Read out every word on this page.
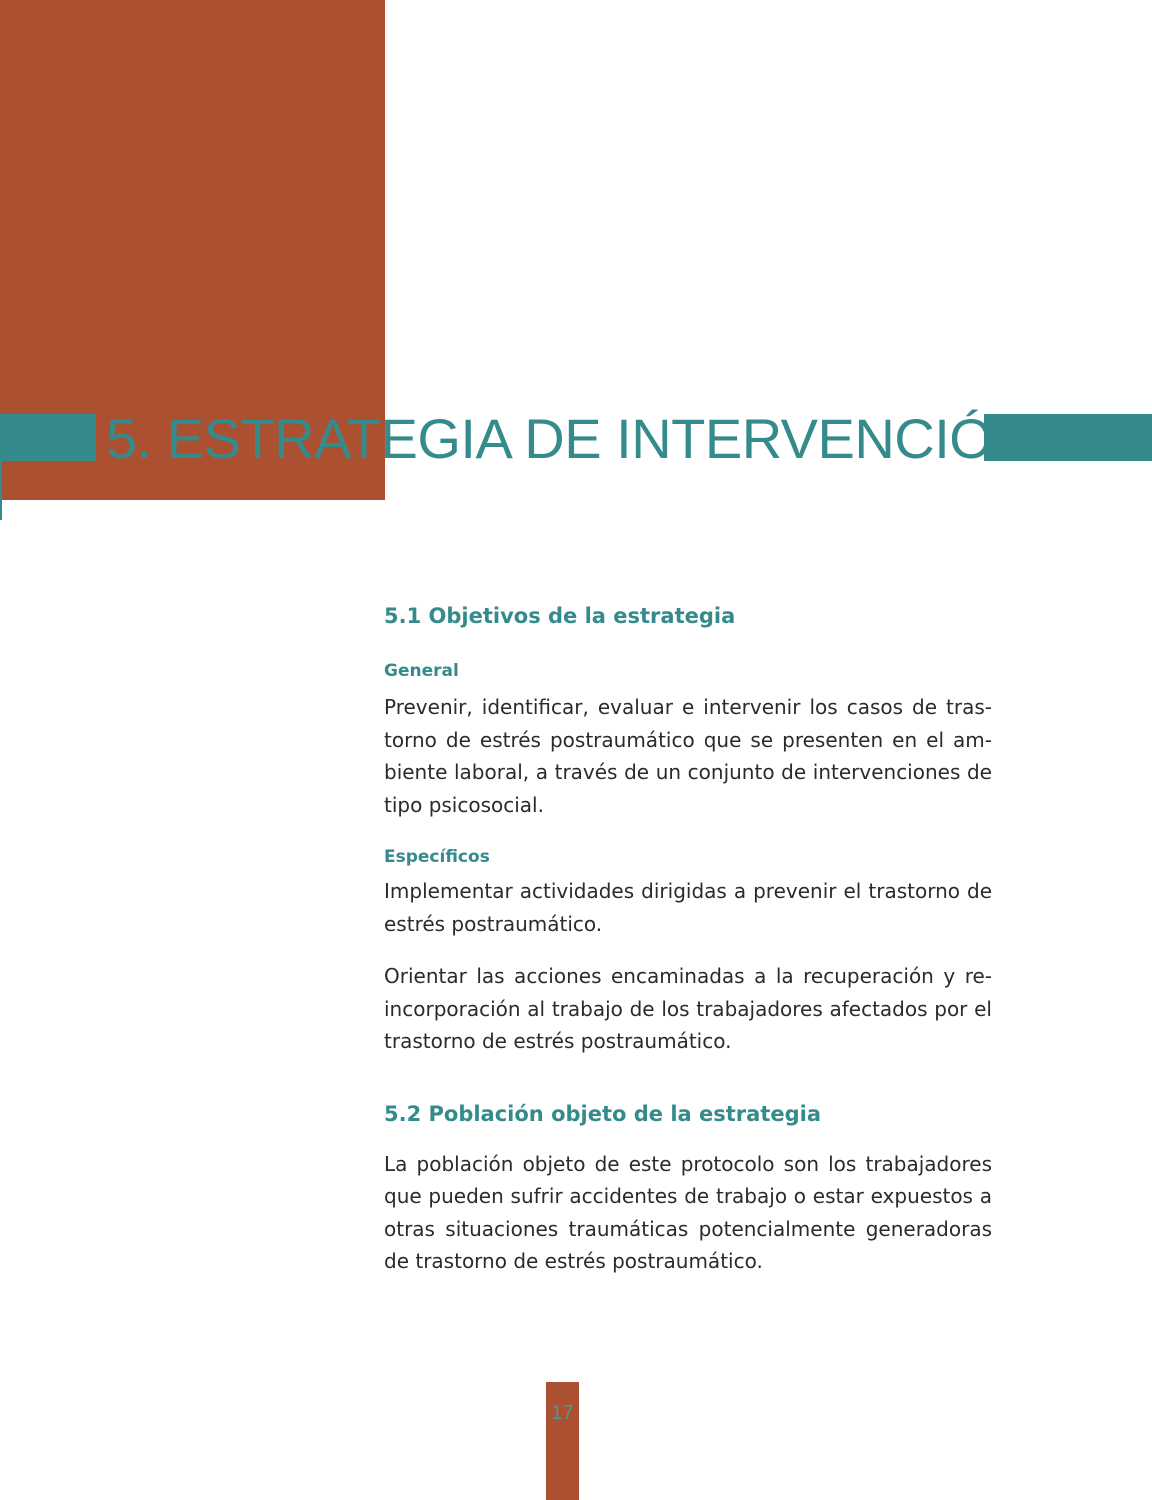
5. ESTRATEGIA DE INTERVENCIÓN
5.1 Objetivos de la estrategia
General

Prevenir, identificar, evaluar e intervenir los casos de trastorno de estrés postraumático que se presenten en el ambiente laboral, a través de un conjunto de intervenciones de tipo psicosocial.

Específicos

Implementar actividades dirigidas a prevenir el trastorno de estrés postraumático.

Orientar las acciones encaminadas a la recuperación y reincorporación al trabajo de los trabajadores afectados por el trastorno de estrés postraumático.

5.2 Población objeto de la estrategia

La población objeto de este protocolo son los trabajadores que pueden sufrir accidentes de trabajo o estar expuestos a otras situaciones traumáticas potencialmente generadoras de trastorno de estrés postraumático.

17
